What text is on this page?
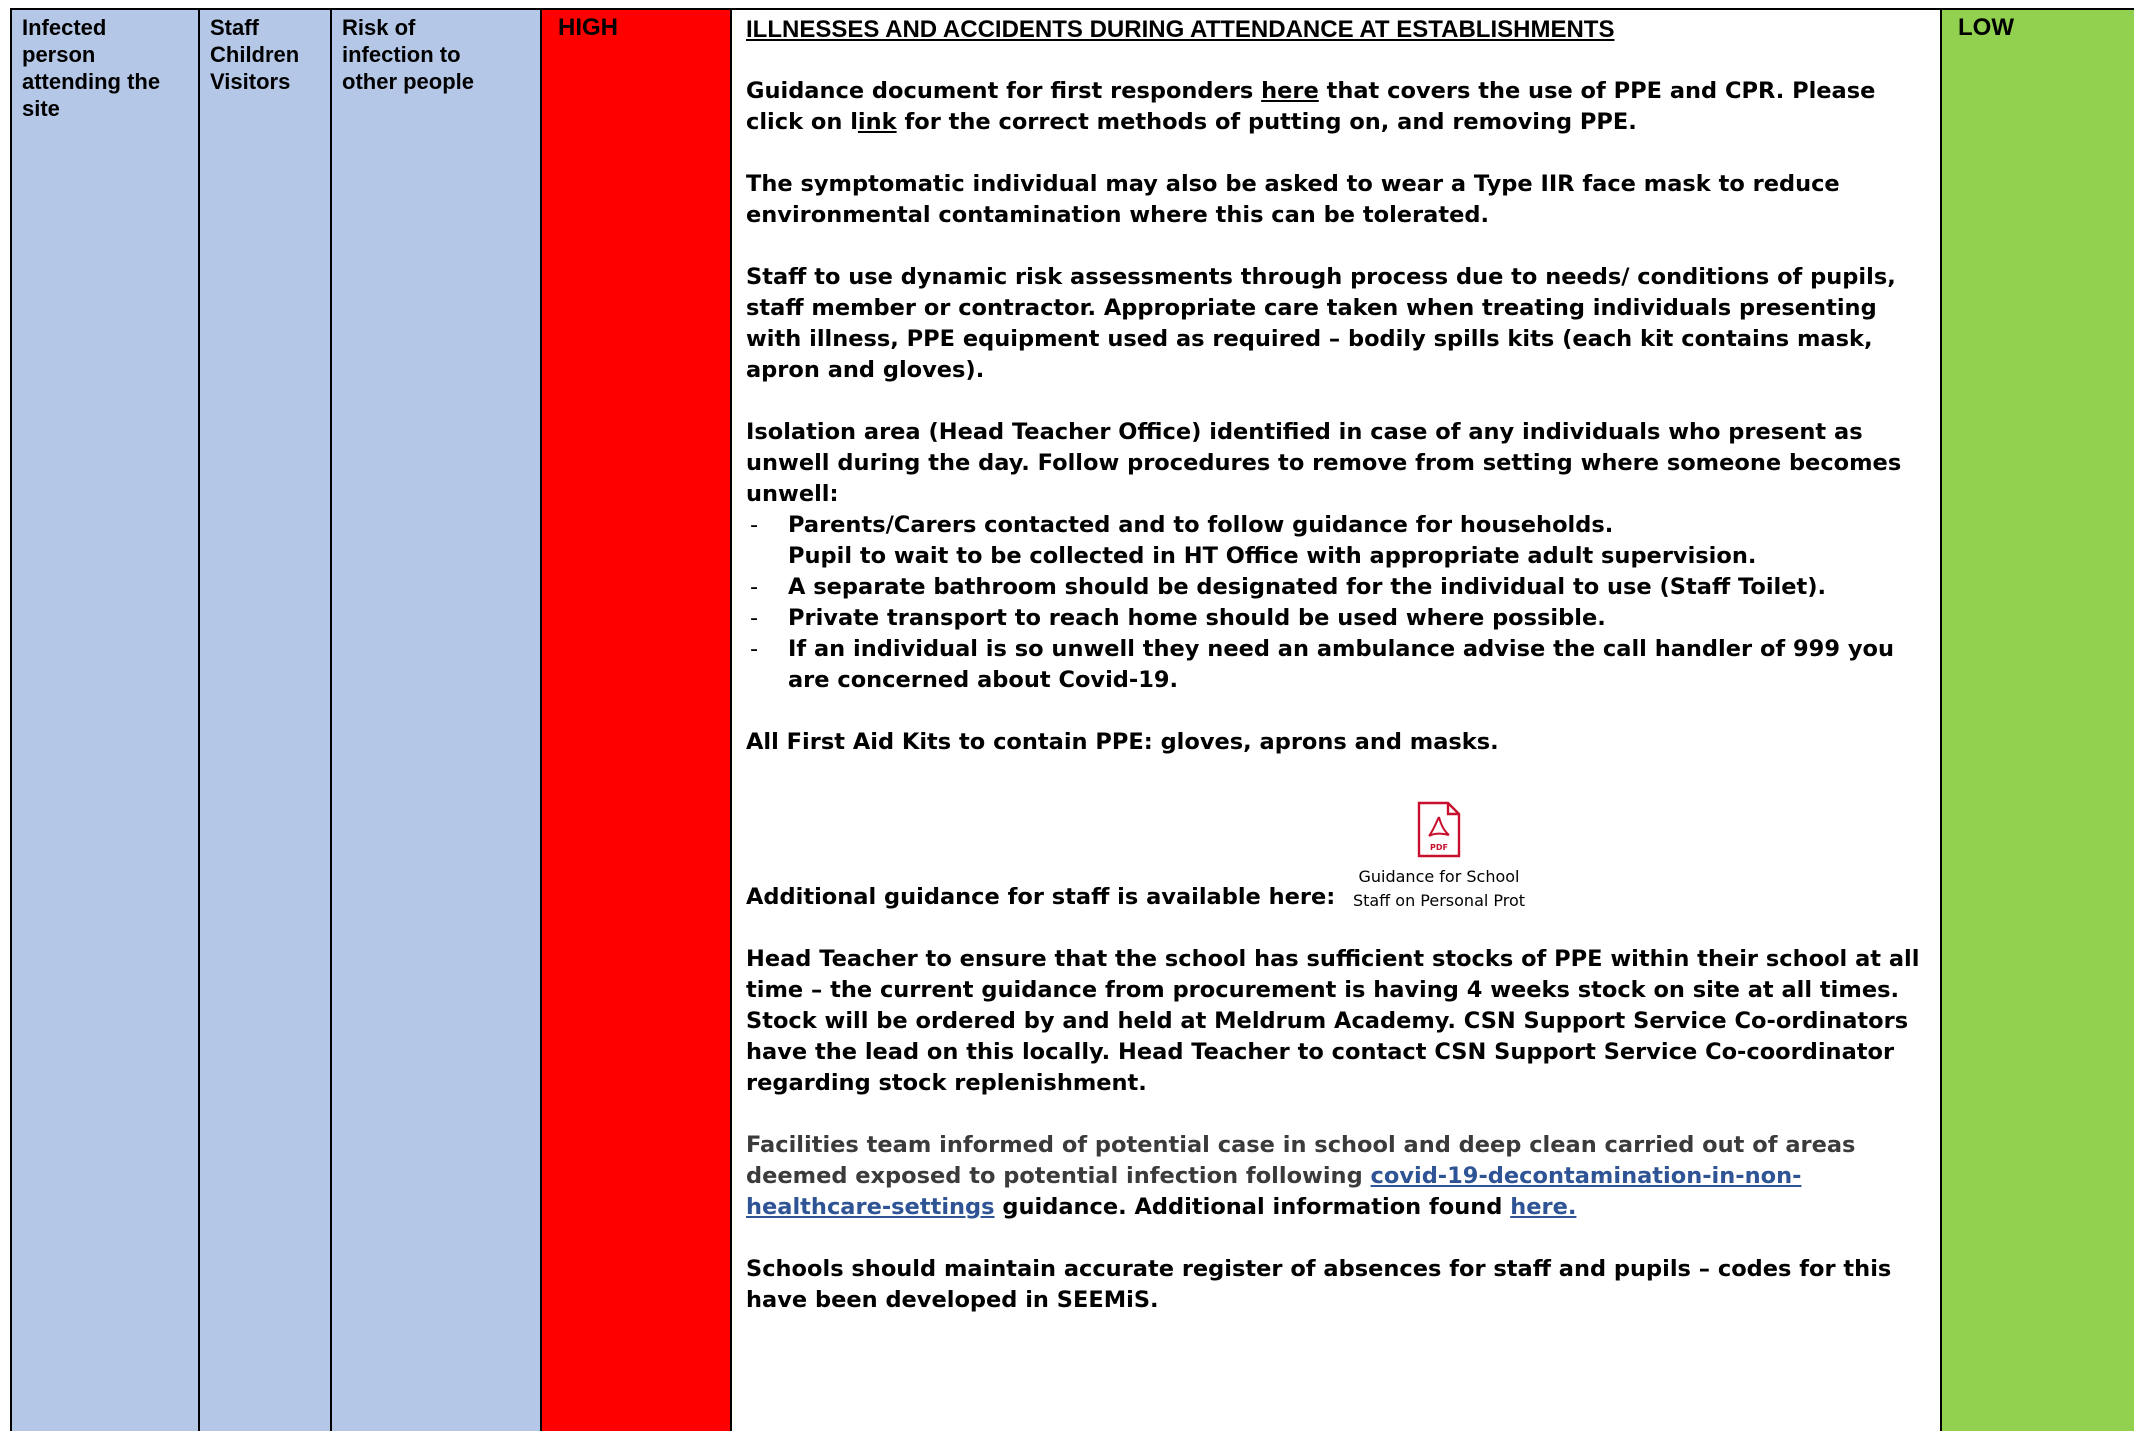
Infected person attending the site
Staff Children Visitors
Risk of infection to other people
HIGH	ILLNESSES AND ACCIDENTS DURING ATTENDANCE AT ESTABLISHMENTS

Guidance document for first responders here that covers the use of PPE and CPR. Please click on link for the correct methods of putting on, and removing PPE.

The symptomatic individual may also be asked to wear a Type IIR face mask to reduce environmental contamination where this can be tolerated.

Staff to use dynamic risk assessments through process due to needs/ conditions of pupils, staff member or contractor. Appropriate care taken when treating individuals presenting with illness, PPE equipment used as required – bodily spills kits (each kit contains mask, apron and gloves).

Isolation area (Head Teacher Office) identified in case of any individuals who present as unwell during the day. Follow procedures to remove from setting where someone becomes unwell:

- Parents/Carers contacted and to follow guidance for households.
Pupil to wait to be collected in HT Office with appropriate adult supervision.
- A separate bathroom should be designated for the individual to use (Staff Toilet).
- Private transport to reach home should be used where possible.
- If an individual is so unwell they need an ambulance advise the call handler of 999 you are concerned about Covid-19.

All First Aid Kits to contain PPE: gloves, aprons and masks.

Additional guidance for staff is available here:
PDF
Guidance for School
Staff on Personal Prot

Head Teacher to ensure that the school has sufficient stocks of PPE within their school at all time – the current guidance from procurement is having 4 weeks stock on site at all times. Stock will be ordered by and held at Meldrum Academy. CSN Support Service Co-ordinators have the lead on this locally. Head Teacher to contact CSN Support Service Co-coordinator regarding stock replenishment.

Facilities team informed of potential case in school and deep clean carried out of areas deemed exposed to potential infection following covid-19-decontamination-in-non-healthcare-settings guidance. Additional information found here.

Schools should maintain accurate register of absences for staff and pupils – codes for this have been developed in SEEMiS.

LOW
